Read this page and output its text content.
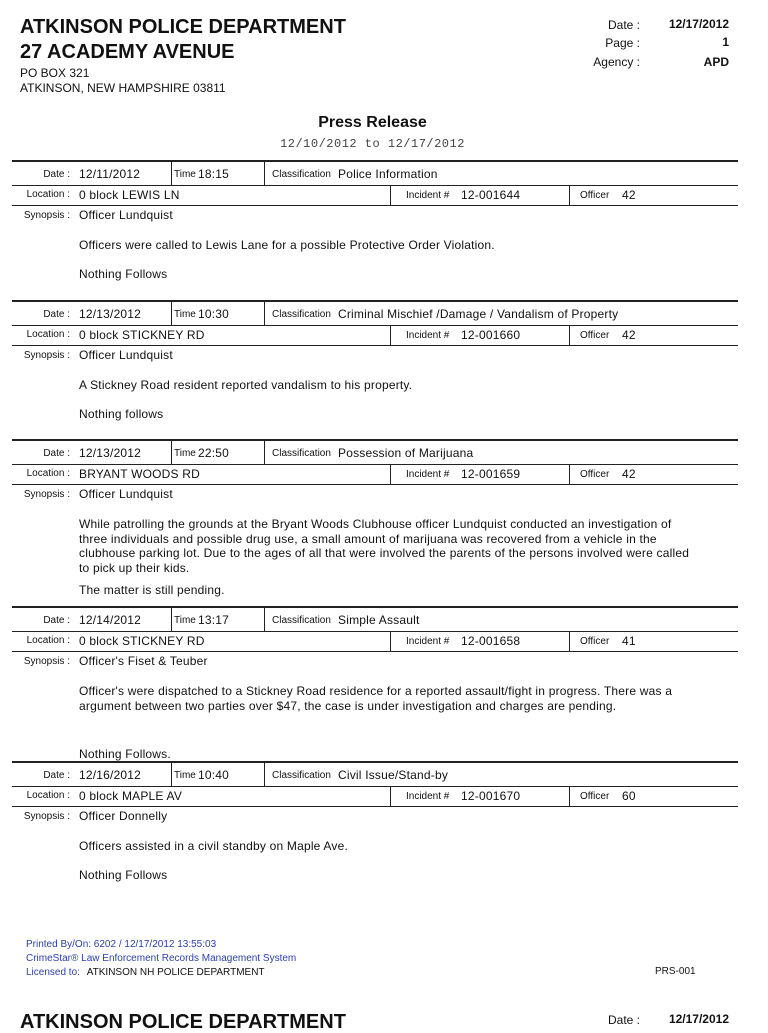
ATKINSON POLICE DEPARTMENT
27 ACADEMY AVENUE
PO BOX 321
ATKINSON, NEW HAMPSHIRE 03811
Date :	12/17/2012
Page :	1
Agency :	APD
Press Release
12/10/2012 to 12/17/2012
Date : 12/11/2012	Time 18:15	Classification Police Information
Location : 0 block LEWIS LN	Incident # 12-001644	Officer 42
Synopsis : Officer Lundquist
Officers were called to Lewis Lane for a possible Protective Order Violation.
Nothing Follows
Date : 12/13/2012	Time 10:30	Classification Criminal Mischief /Damage / Vandalism of Property
Location : 0 block STICKNEY RD	Incident # 12-001660	Officer 42
Synopsis : Officer Lundquist
A Stickney Road resident reported vandalism to his property.
Nothing follows
Date : 12/13/2012	Time 22:50	Classification Possession of Marijuana
Location : BRYANT WOODS RD	Incident # 12-001659	Officer 42
Synopsis : Officer Lundquist
While patrolling the grounds at the Bryant Woods Clubhouse officer Lundquist conducted an investigation of three individuals and possible drug use, a small amount of marijuana was recovered from a vehicle in the clubhouse parking lot. Due to the ages of all that were involved the parents of the persons involved were called to pick up their kids.
The matter is still pending.
Date : 12/14/2012	Time 13:17	Classification Simple Assault
Location : 0 block STICKNEY RD	Incident # 12-001658	Officer 41
Synopsis : Officer's Fiset & Teuber
Officer's were dispatched to a Stickney Road residence for a reported assault/fight in progress. There was a argument between two parties over $47, the case is under investigation and charges are pending.
Nothing Follows.
Date : 12/16/2012	Time 10:40	Classification Civil Issue/Stand-by
Location : 0 block MAPLE AV	Incident # 12-001670	Officer 60
Synopsis : Officer Donnelly
Officers assisted in a civil standby on Maple Ave.
Nothing Follows
Printed By/On: 6202 / 12/17/2012 13:55:03
CrimeStar® Law Enforcement Records Management System
Licensed to: ATKINSON NH POLICE DEPARTMENT	PRS-001
ATKINSON POLICE DEPARTMENT	Date :	12/17/2012
